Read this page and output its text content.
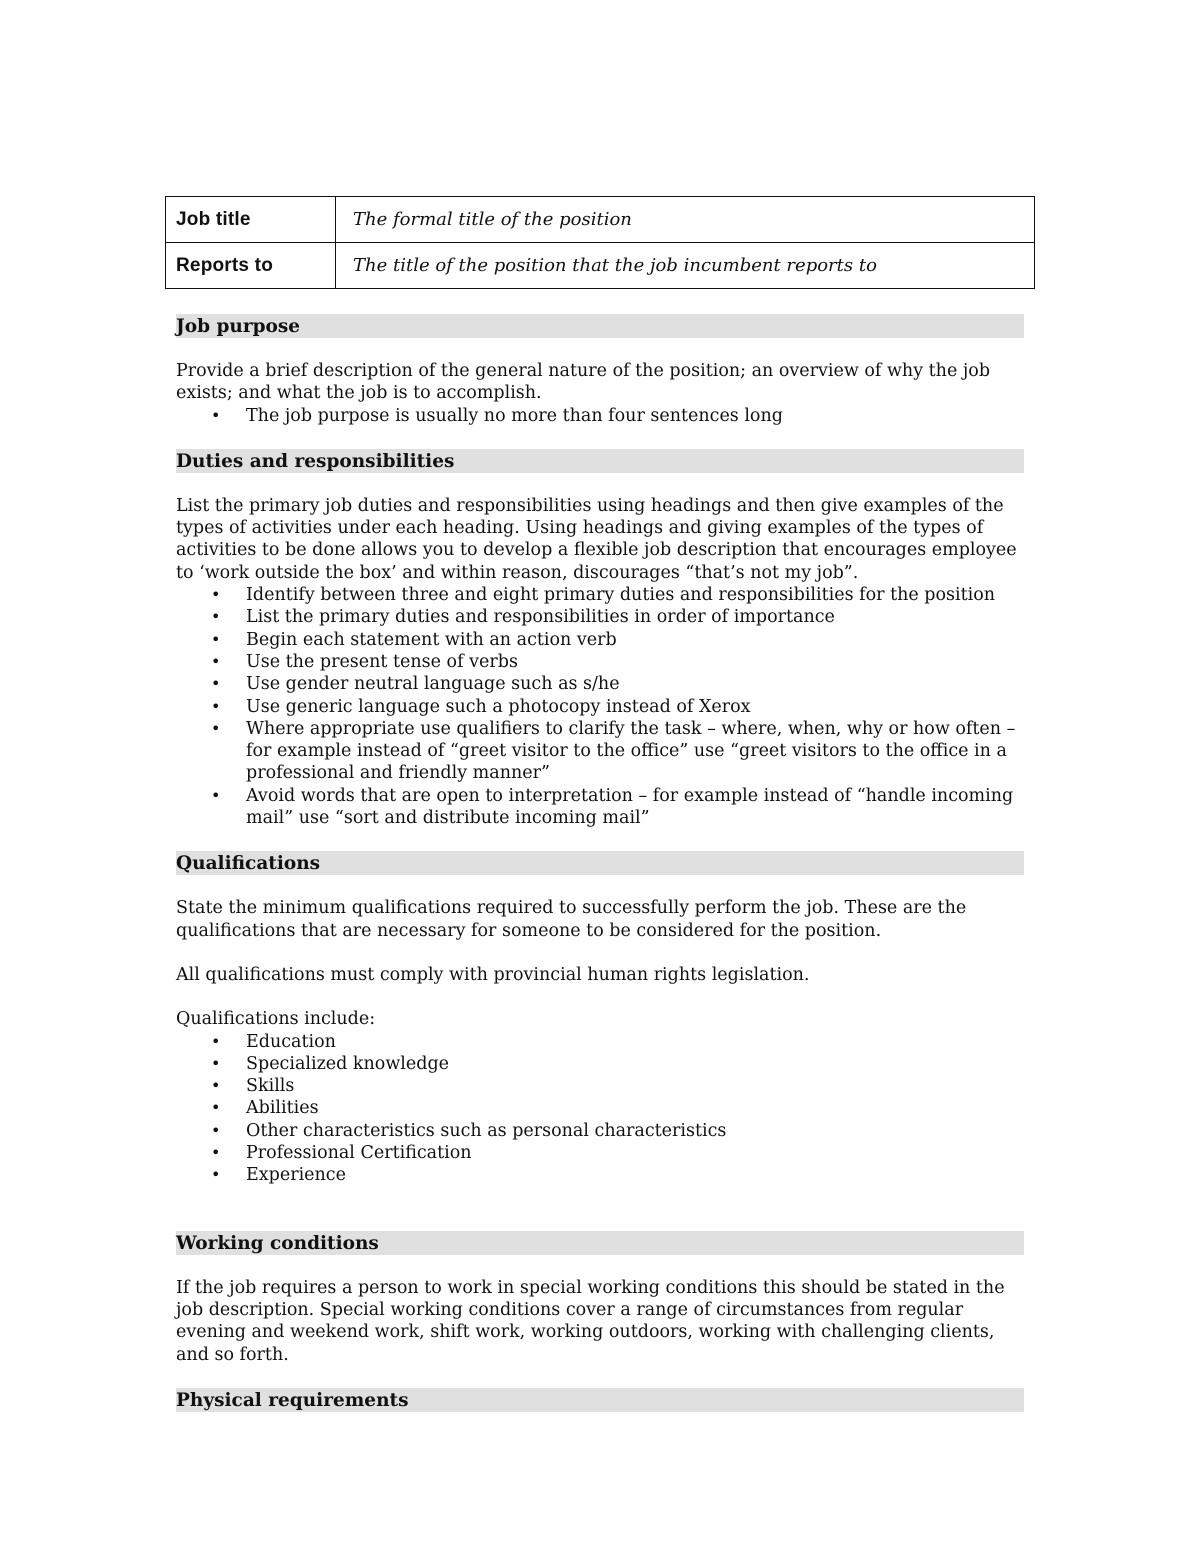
Job title	The formal title of the position
Reports to	The title of the position that the job incumbent reports to
Job purpose

Provide a brief description of the general nature of the position; an overview of why the job exists; and what the job is to accomplish.

• The job purpose is usually no more than four sentences long
Duties and responsibilities

List the primary job duties and responsibilities using headings and then give examples of the types of activities under each heading. Using headings and giving examples of the types of activities to be done allows you to develop a flexible job description that encourages employee to ‘work outside the box’ and within reason, discourages “that’s not my job”.

• Identify between three and eight primary duties and responsibilities for the position
• List the primary duties and responsibilities in order of importance
• Begin each statement with an action verb
• Use the present tense of verbs
• Use gender neutral language such as s/he
• Use generic language such a photocopy instead of Xerox
• Where appropriate use qualifiers to clarify the task – where, when, why or how often – for example instead of “greet visitor to the office” use “greet visitors to the office in a professional and friendly manner”
• Avoid words that are open to interpretation – for example instead of “handle incoming mail” use “sort and distribute incoming mail”
Qualifications

State the minimum qualifications required to successfully perform the job. These are the qualifications that are necessary for someone to be considered for the position.

All qualifications must comply with provincial human rights legislation.

Qualifications include:

• Education
• Specialized knowledge
• Skills
• Abilities
• Other characteristics such as personal characteristics
• Professional Certification
• Experience
Working conditions

If the job requires a person to work in special working conditions this should be stated in the job description. Special working conditions cover a range of circumstances from regular evening and weekend work, shift work, working outdoors, working with challenging clients, and so forth.

Physical requirements
